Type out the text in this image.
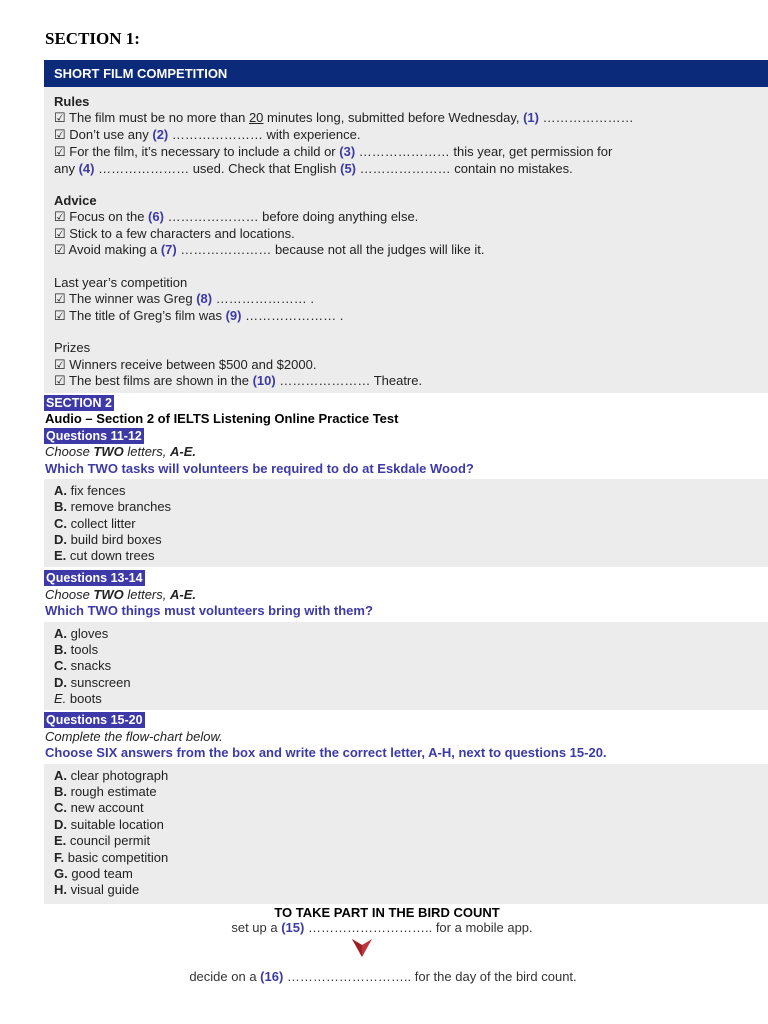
SECTION 1:
SHORT FILM COMPETITION
Rules
☑ The film must be no more than 20 minutes long, submitted before Wednesday, (1) …………………
☑ Don’t use any (2) ………………… with experience.
☑ For the film, it’s necessary to include a child or (3) ………………… this year, get permission for
any (4) ………………… used. Check that English (5) ………………… contain no mistakes.
Advice
☑ Focus on the (6) ………………… before doing anything else.
☑ Stick to a few characters and locations.
☑ Avoid making a (7) ………………… because not all the judges will like it.
Last year’s competition
☑ The winner was Greg (8) ………………… .
☑ The title of Greg’s film was (9) ………………… .
Prizes
☑ Winners receive between $500 and $2000.
☑ The best films are shown in the (10) ………………… Theatre.
SECTION 2
Audio – Section 2 of IELTS Listening Online Practice Test
Questions 11-12
Choose TWO letters, A-E.
Which TWO tasks will volunteers be required to do at Eskdale Wood?
A. fix fences
B. remove branches
C. collect litter
D. build bird boxes
E. cut down trees
Questions 13-14
Choose TWO letters, A-E.
Which TWO things must volunteers bring with them?
A. gloves
B. tools
C. snacks
D. sunscreen
E. boots
Questions 15-20
Complete the flow-chart below.
Choose SIX answers from the box and write the correct letter, A-H, next to questions 15-20.
A. clear photograph
B. rough estimate
C. new account
D. suitable location
E. council permit
F. basic competition
G. good team
H. visual guide
TO TAKE PART IN THE BIRD COUNT
set up a (15) ……………………….. for a mobile app.
decide on a (16) ……………………….. for the day of the bird count.
